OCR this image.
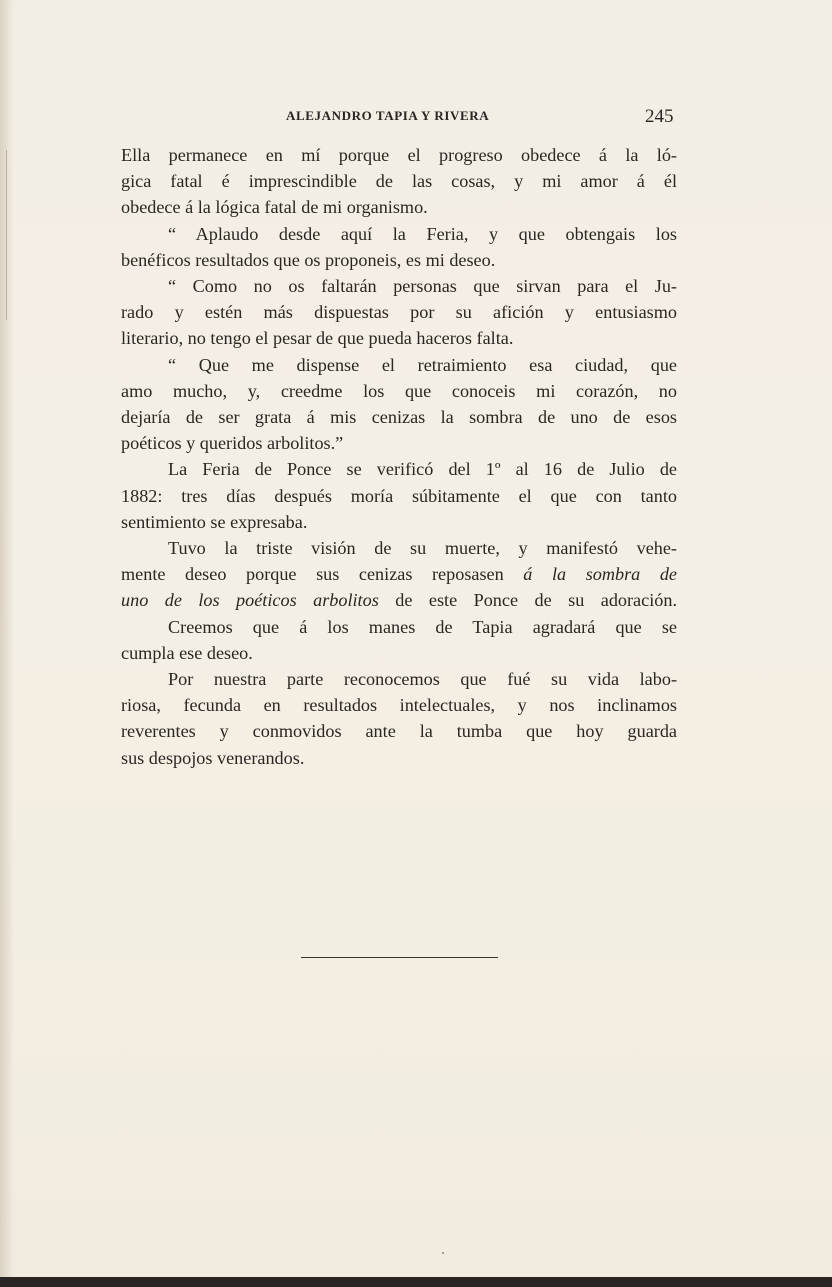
ALEJANDRO TAPIA Y RIVERA	245
Ella permanece en mí porque el progreso obedece á la ló-
gica fatal é imprescindible de las cosas, y mi amor á él
obedece á la lógica fatal de mi organismo.
“ Aplaudo desde aquí la Feria, y que obtengais los
benéficos resultados que os proponeis, es mi deseo.
“ Como no os faltarán personas que sirvan para el Ju-
rado y estén más dispuestas por su afición y entusiasmo
literario, no tengo el pesar de que pueda haceros falta.
“ Que me dispense el retraimiento esa ciudad, que
amo mucho, y, creedme los que conoceis mi corazón, no
dejaría de ser grata á mis cenizas la sombra de uno de esos
poéticos y queridos arbolitos.”
La Feria de Ponce se verificó del 1º al 16 de Julio de
1882: tres días después moría súbitamente el que con tanto
sentimiento se expresaba.
Tuvo la triste visión de su muerte, y manifestó vehe-
mente deseo porque sus cenizas reposasen á la sombra de
uno de los poéticos arbolitos de este Ponce de su adoración.
Creemos que á los manes de Tapia agradará que se
cumpla ese deseo.
Por nuestra parte reconocemos que fué su vida labo-
riosa, fecunda en resultados intelectuales, y nos inclinamos
reverentes y conmovidos ante la tumba que hoy guarda
sus despojos venerandos.
